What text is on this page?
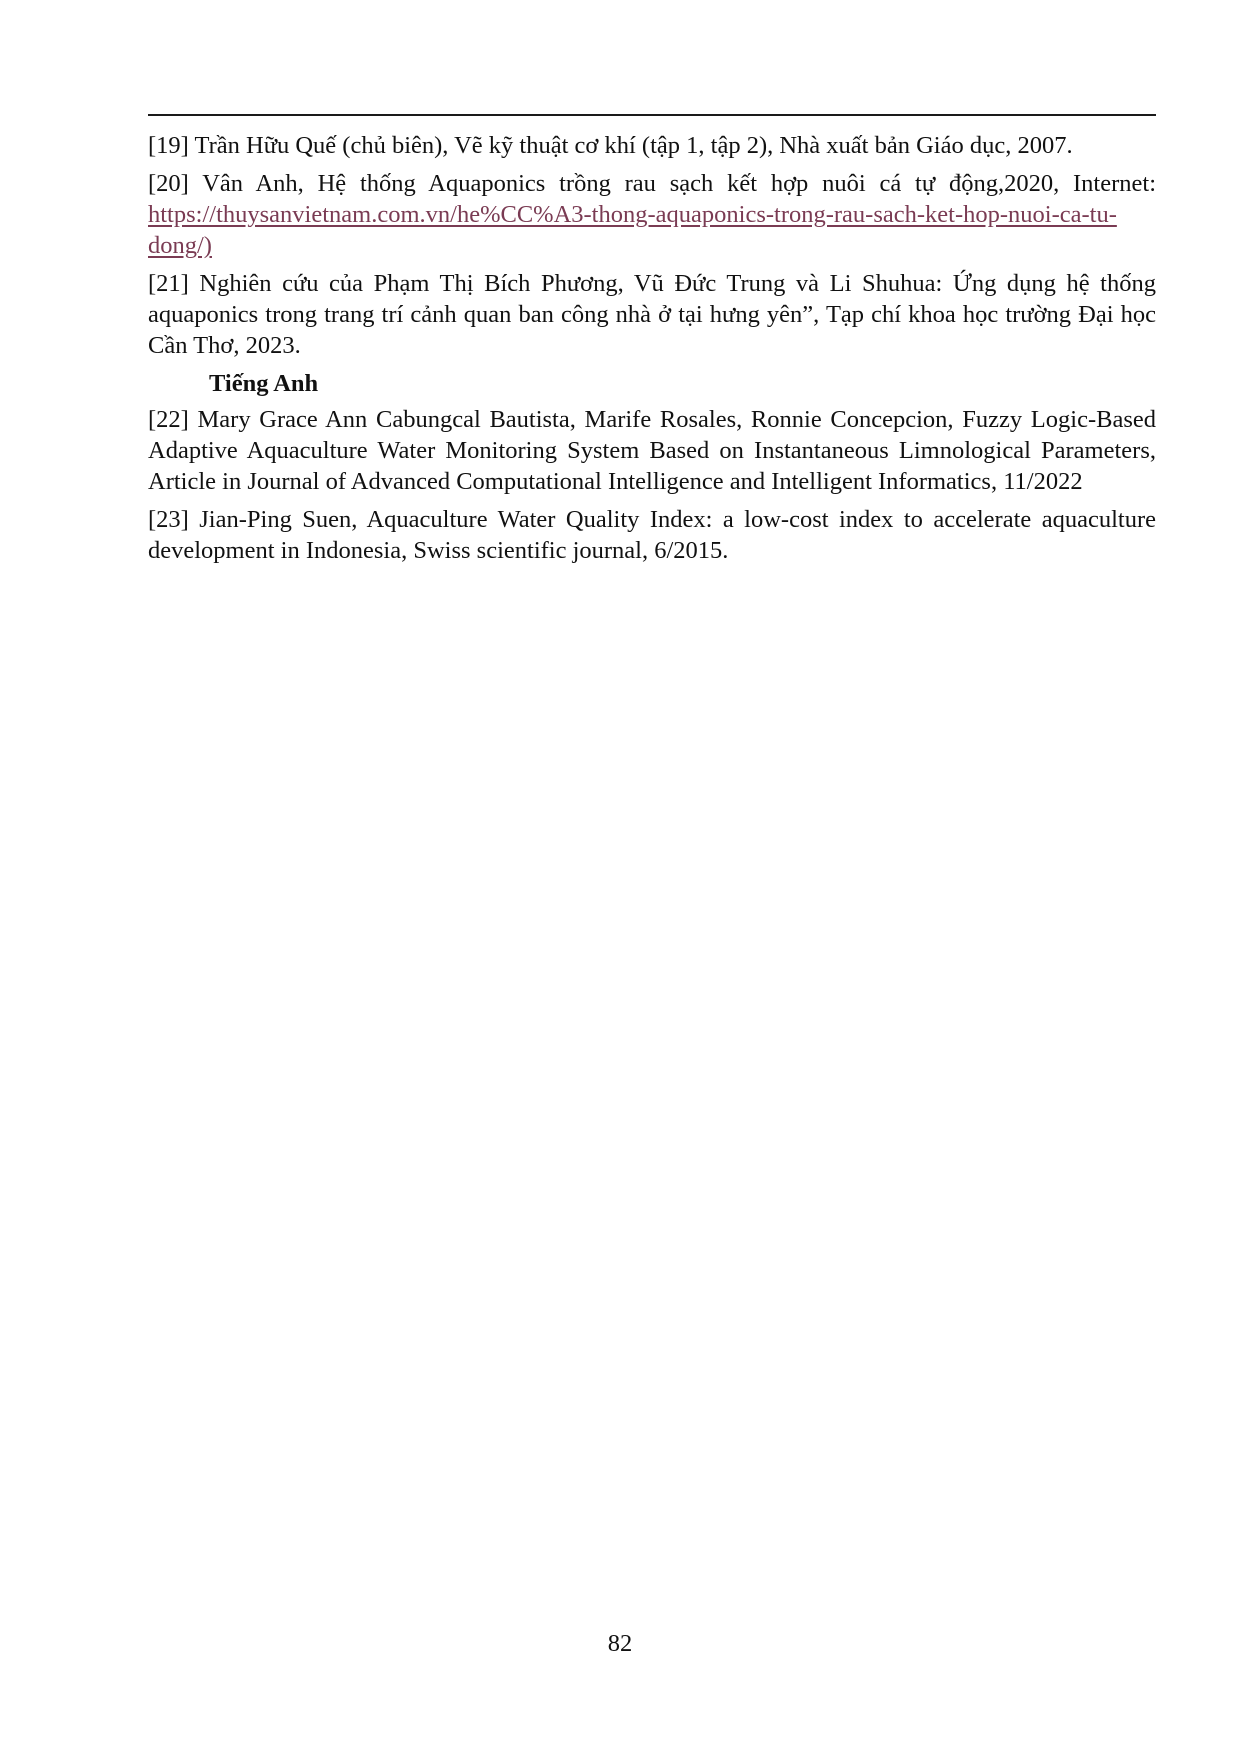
[19] Trần Hữu Quế (chủ biên), Vẽ kỹ thuật cơ khí (tập 1, tập 2), Nhà xuất bản Giáo dục, 2007.

[20] Vân Anh, Hệ thống Aquaponics trồng rau sạch kết hợp nuôi cá tự động,2020, Internet: https://thuysanvietnam.com.vn/he%CC%A3-thong-aquaponics-trong-rau-sach-ket-hop-nuoi-ca-tu-dong/)

[21] Nghiên cứu của Phạm Thị Bích Phương, Vũ Đức Trung và Li Shuhua: Ứng dụng hệ thống aquaponics trong trang trí cảnh quan ban công nhà ở tại hưng yên”, Tạp chí khoa học trường Đại học Cần Thơ, 2023.

Tiếng Anh

[22] Mary Grace Ann Cabungcal Bautista, Marife Rosales, Ronnie Concepcion, Fuzzy Logic-Based Adaptive Aquaculture Water Monitoring System Based on Instantaneous Limnological Parameters, Article in Journal of Advanced Computational Intelligence and Intelligent Informatics, 11/2022

[23] Jian-Ping Suen, Aquaculture Water Quality Index: a low-cost index to accelerate aquaculture development in Indonesia, Swiss scientific journal, 6/2015.

82
